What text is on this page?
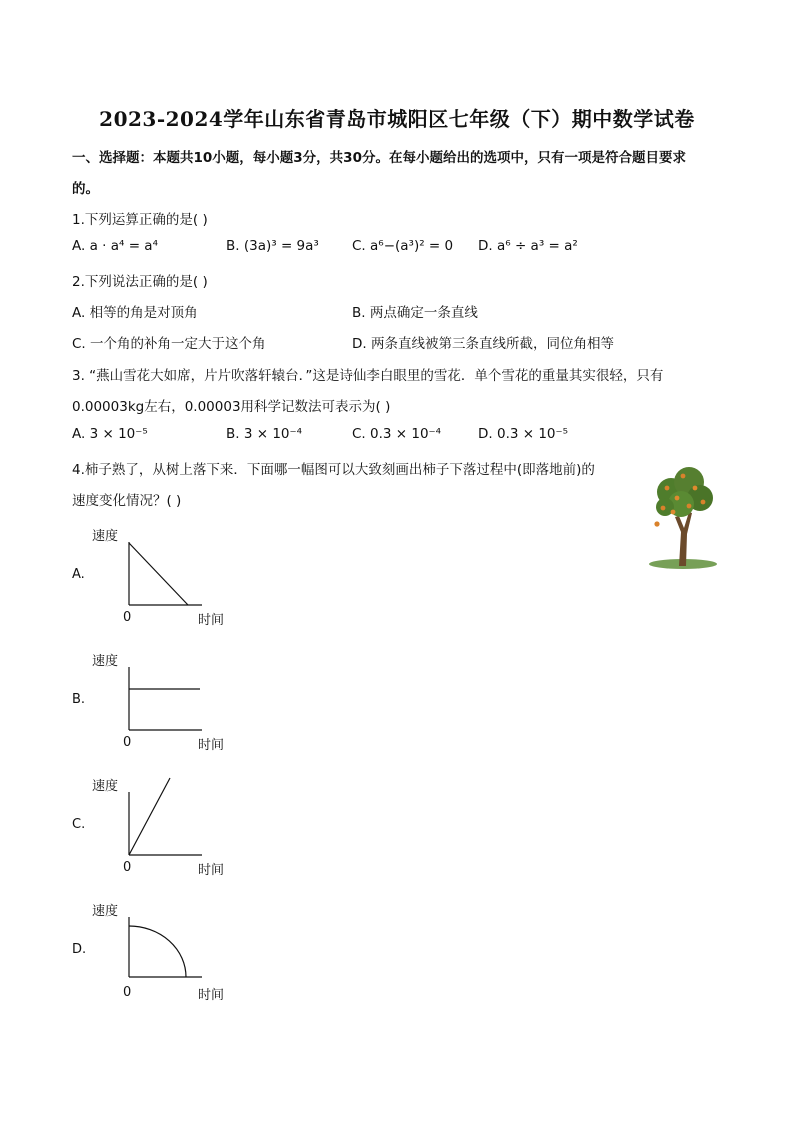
2023-2024学年山东省青岛市城阳区七年级（下）期中数学试卷
一、选择题：本题共10小题，每小题3分，共30分。在每小题给出的选项中，只有一项是符合题目要求
的。
1.下列运算正确的是( )
A. a · a⁴ = a⁴	B. (3a)³ = 9a³ C. a⁶−(a³)² = 0 D. a⁶ ÷ a³ = a²
2.下列说法正确的是( )
A. 相等的角是对顶角	B. 两点确定一条直线
C. 一个角的补角一定大于这个角	D. 两条直线被第三条直线所截，同位角相等
3. “燕山雪花大如席，片片吹落轩辕台．”这是诗仙李白眼里的雪花．单个雪花的重量其实很轻，只有
0.00003kg左右，0.00003用科学记数法可表示为( )
A. 3 × 10⁻⁵	B. 3 × 10⁻⁴	C. 0.3 × 10⁻⁴	D. 0.3 × 10⁻⁵
4.柿子熟了，从树上落下来．下面哪一幅图可以大致刻画出柿子下落过程中(即落地前)的
速度变化情况？( )
A.
速度
0	时间
B.
速度
0	时间
C.
速度
0	时间
D.
速度
0	时间
